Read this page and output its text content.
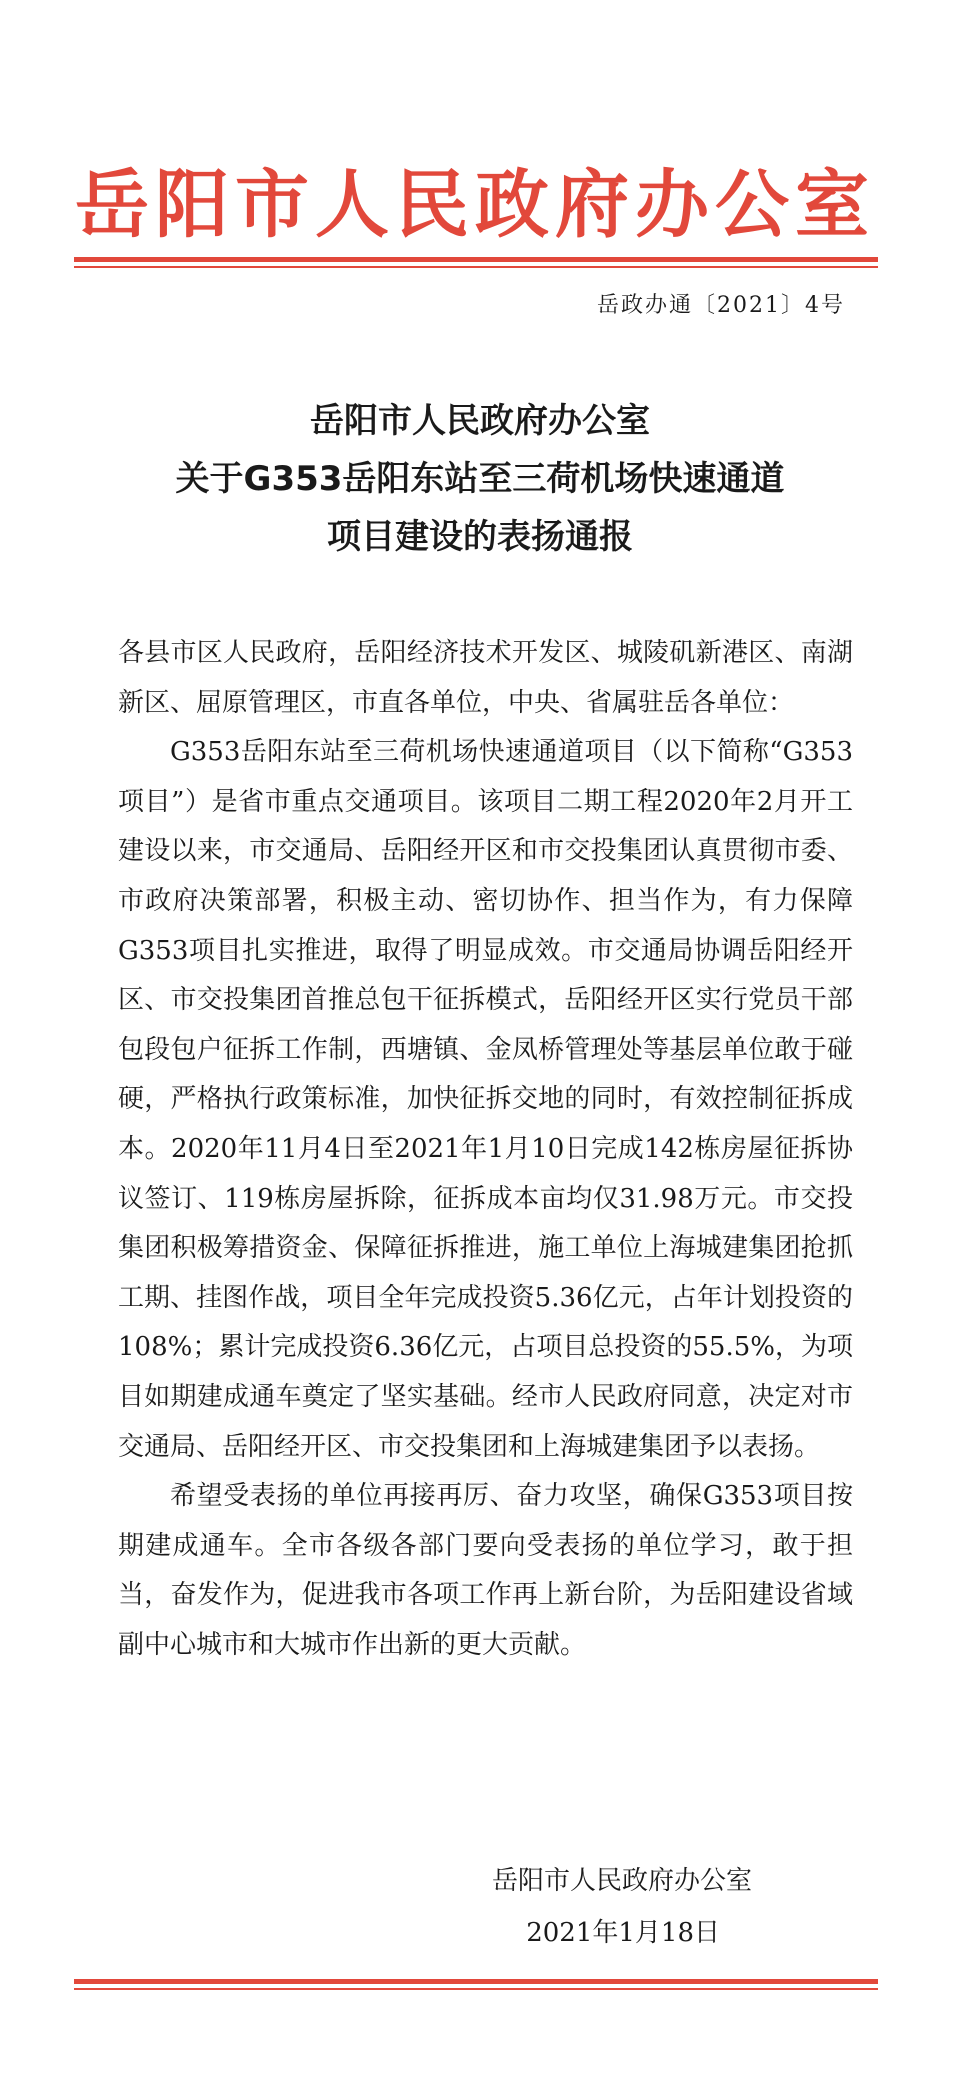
岳阳市人民政府办公室
岳政办通〔2021〕4号
岳阳市人民政府办公室
关于G353岳阳东站至三荷机场快速通道
项目建设的表扬通报

各县市区人民政府，岳阳经济技术开发区、城陵矶新港区、南湖新区、屈原管理区，市直各单位，中央、省属驻岳各单位：

G353岳阳东站至三荷机场快速通道项目（以下简称“G353项目”）是省市重点交通项目。该项目二期工程2020年2月开工建设以来，市交通局、岳阳经开区和市交投集团认真贯彻市委、市政府决策部署，积极主动、密切协作、担当作为，有力保障G353项目扎实推进，取得了明显成效。市交通局协调岳阳经开区、市交投集团首推总包干征拆模式，岳阳经开区实行党员干部包段包户征拆工作制，西塘镇、金凤桥管理处等基层单位敢于碰硬，严格执行政策标准，加快征拆交地的同时，有效控制征拆成本。2020年11月4日至2021年1月10日完成142栋房屋征拆协议签订、119栋房屋拆除，征拆成本亩均仅31.98万元。市交投集团积极筹措资金、保障征拆推进，施工单位上海城建集团抢抓工期、挂图作战，项目全年完成投资5.36亿元，占年计划投资的108%；累计完成投资6.36亿元，占项目总投资的55.5%，为项目如期建成通车奠定了坚实基础。经市人民政府同意，决定对市交通局、岳阳经开区、市交投集团和上海城建集团予以表扬。

希望受表扬的单位再接再厉、奋力攻坚，确保G353项目按期建成通车。全市各级各部门要向受表扬的单位学习，敢于担当，奋发作为，促进我市各项工作再上新台阶，为岳阳建设省域副中心城市和大城市作出新的更大贡献。

岳阳市人民政府办公室
2021年1月18日
